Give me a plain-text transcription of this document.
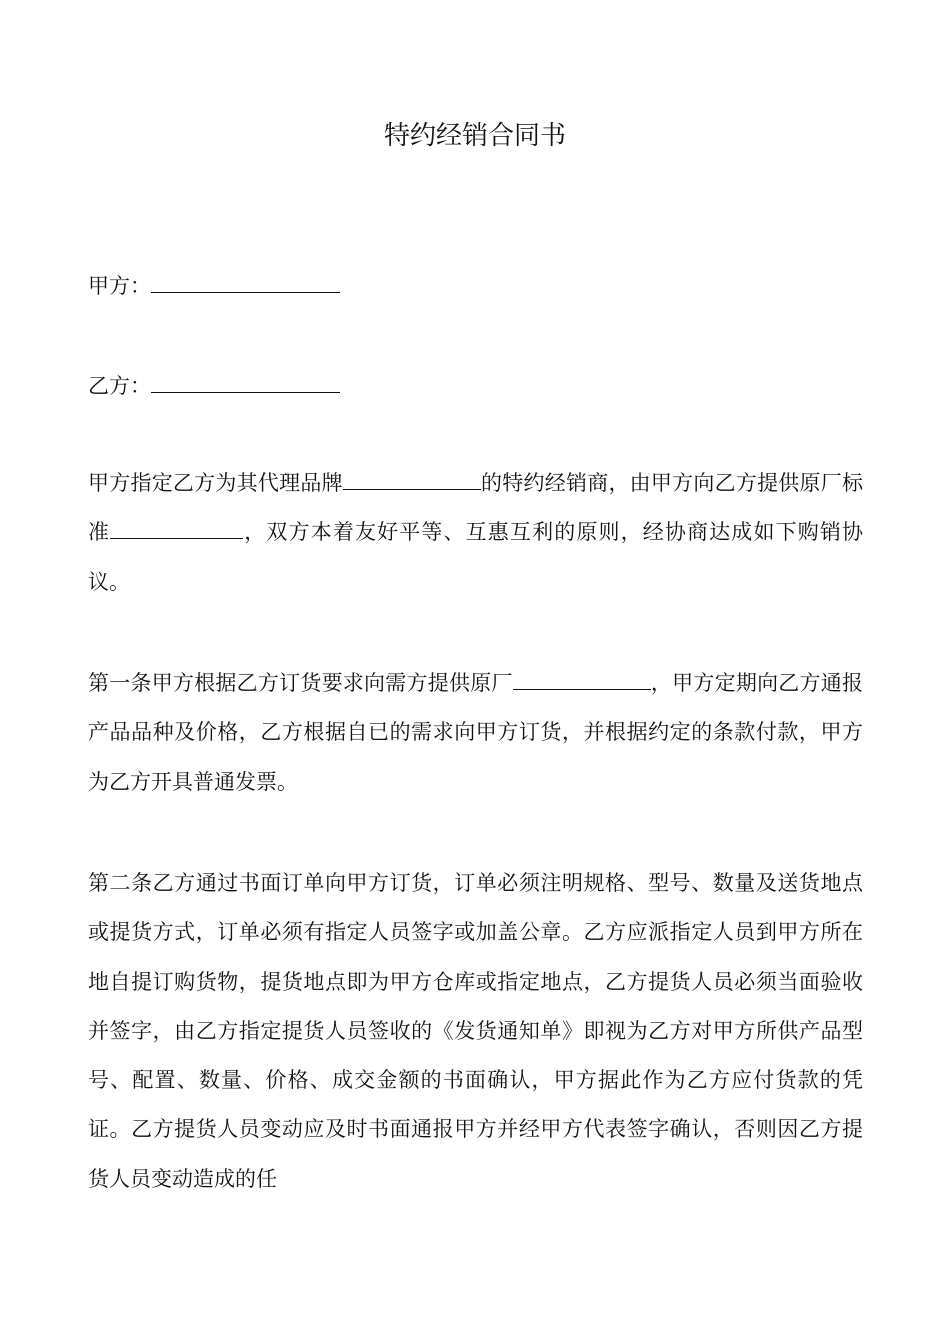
特约经销合同书

甲方：

乙方：

甲方指定乙方为其代理品牌	的特约经销商，由甲方向乙方提供原厂标准	，双方本着友好平等、互惠互利的原则，经协商达成如下购销协议。

第一条甲方根据乙方订货要求向需方提供原厂	，甲方定期向乙方通报产品品种及价格，乙方根据自已的需求向甲方订货，并根据约定的条款付款，甲方为乙方开具普通发票。

第二条乙方通过书面订单向甲方订货，订单必须注明规格、型号、数量及送货地点或提货方式，订单必须有指定人员签字或加盖公章。乙方应派指定人员到甲方所在地自提订购货物，提货地点即为甲方仓库或指定地点，乙方提货人员必须当面验收并签字，由乙方指定提货人员签收的《发货通知单》即视为乙方对甲方所供产品型号、配置、数量、价格、成交金额的书面确认，甲方据此作为乙方应付货款的凭证。乙方提货人员变动应及时书面通报甲方并经甲方代表签字确认，否则因乙方提货人员变动造成的任
